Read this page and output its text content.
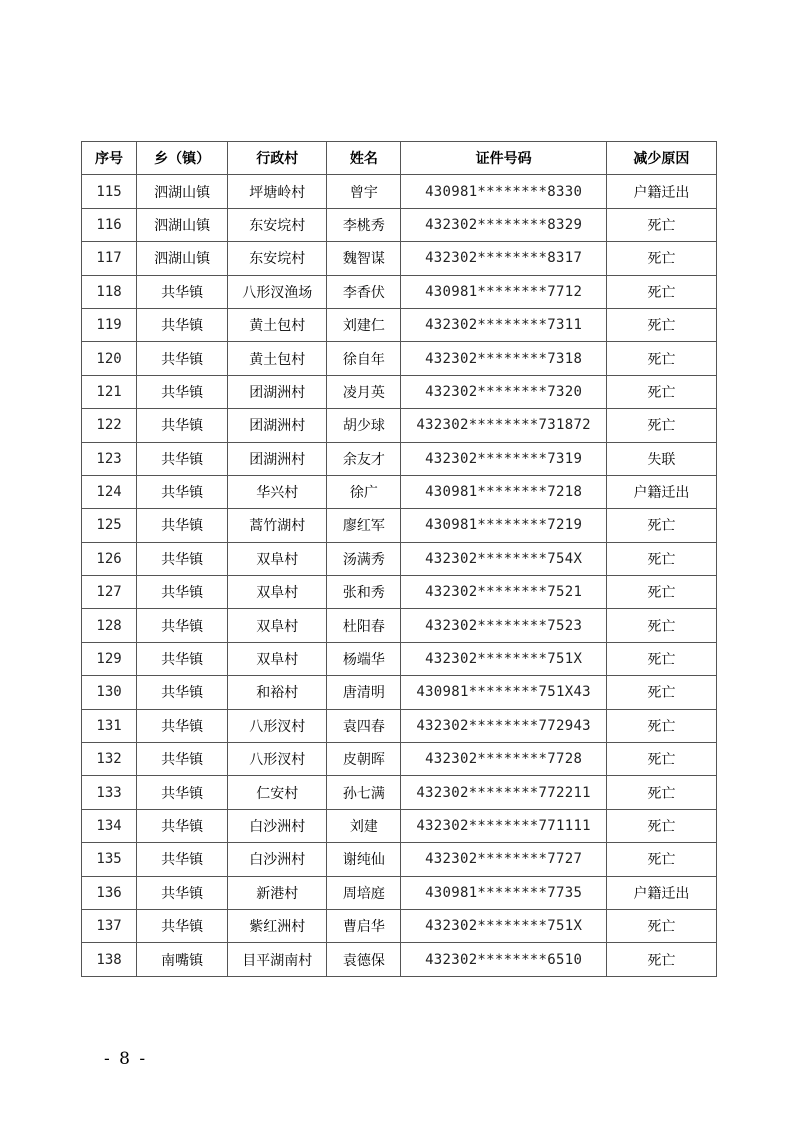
序号	乡（镇）	行政村	姓名	证件号码	减少原因
115	泗湖山镇	坪塘岭村	曾宇	430981********8330	户籍迁出
116	泗湖山镇	东安垸村	李桃秀	432302********8329	死亡
117	泗湖山镇	东安垸村	魏智谋	432302********8317	死亡
118	共华镇	八形汊渔场	李香伏	430981********7712	死亡
119	共华镇	黄土包村	刘建仁	432302********7311	死亡
120	共华镇	黄土包村	徐自年	432302********7318	死亡
121	共华镇	团湖洲村	凌月英	432302********7320	死亡
122	共华镇	团湖洲村	胡少球	432302********731872	死亡
123	共华镇	团湖洲村	余友才	432302********7319	失联
124	共华镇	华兴村	徐广	430981********7218	户籍迁出
125	共华镇	蒿竹湖村	廖红军	430981********7219	死亡
126	共华镇	双阜村	汤满秀	432302********754X	死亡
127	共华镇	双阜村	张和秀	432302********7521	死亡
128	共华镇	双阜村	杜阳春	432302********7523	死亡
129	共华镇	双阜村	杨端华	432302********751X	死亡
130	共华镇	和裕村	唐清明	430981********751X43	死亡
131	共华镇	八形汊村	袁四春	432302********772943	死亡
132	共华镇	八形汊村	皮朝晖	432302********7728	死亡
133	共华镇	仁安村	孙七满	432302********772211	死亡
134	共华镇	白沙洲村	刘建	432302********771111	死亡
135	共华镇	白沙洲村	谢纯仙	432302********7727	死亡
136	共华镇	新港村	周培庭	430981********7735	户籍迁出
137	共华镇	紫红洲村	曹启华	432302********751X	死亡
138	南嘴镇	目平湖南村	袁德保	432302********6510	死亡
- 8 -
